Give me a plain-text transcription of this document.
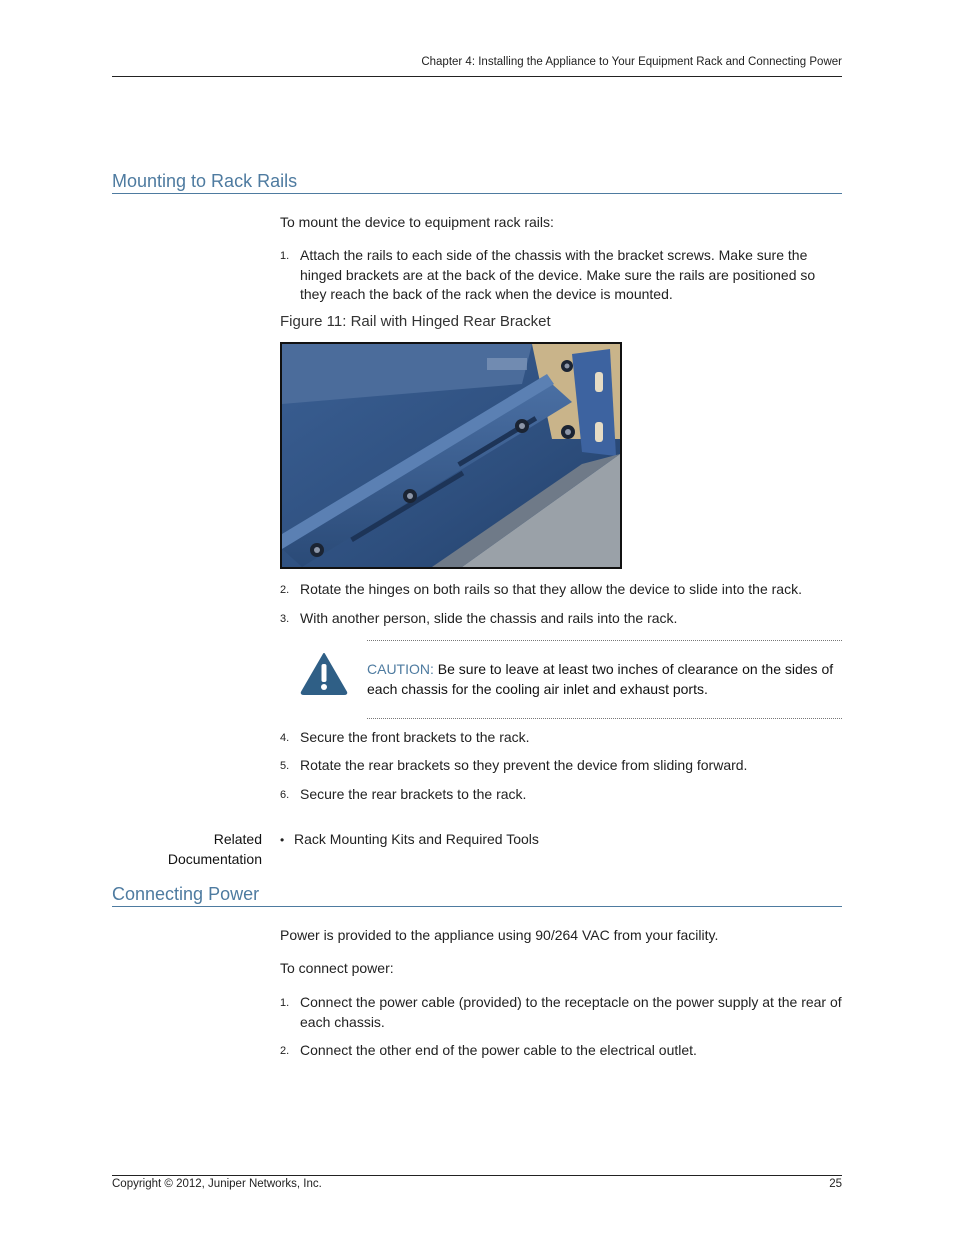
Chapter 4: Installing the Appliance to Your Equipment Rack and Connecting Power
Mounting to Rack Rails

To mount the device to equipment rack rails:

1. Attach the rails to each side of the chassis with the bracket screws. Make sure the hinged brackets are at the back of the device. Make sure the rails are positioned so they reach the back of the rack when the device is mounted.
Figure 11: Rail with Hinged Rear Bracket
2. Rotate the hinges on both rails so that they allow the device to slide into the rack.
3. With another person, slide the chassis and rails into the rack.
CAUTION: Be sure to leave at least two inches of clearance on the sides of each chassis for the cooling air inlet and exhaust ports.
4. Secure the front brackets to the rack.
5. Rotate the rear brackets so they prevent the device from sliding forward.
6. Secure the rear brackets to the rack.
Related
Documentation
• Rack Mounting Kits and Required Tools
Connecting Power

Power is provided to the appliance using 90/264 VAC from your facility.

To connect power:

1. Connect the power cable (provided) to the receptacle on the power supply at the rear of each chassis.
2. Connect the other end of the power cable to the electrical outlet.
Copyright © 2012, Juniper Networks, Inc.	25
